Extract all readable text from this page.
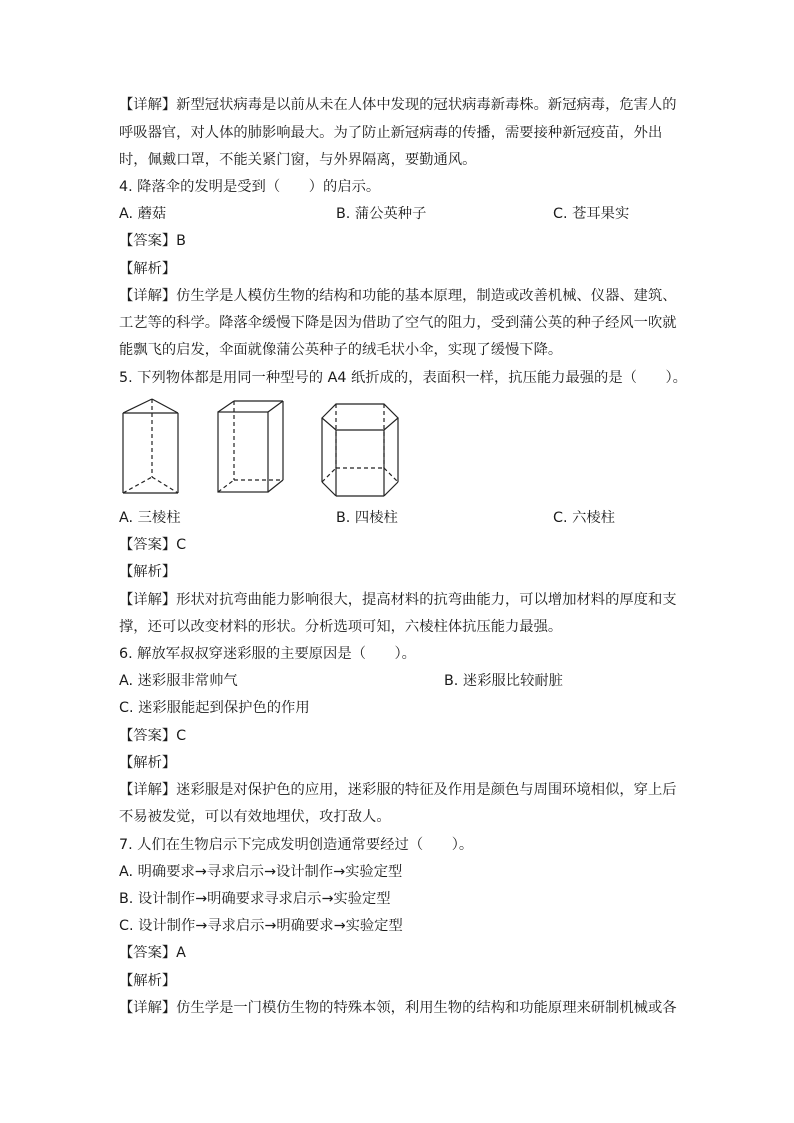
【详解】新型冠状病毒是以前从未在人体中发现的冠状病毒新毒株。新冠病毒，危害人的
呼吸器官，对人体的肺影响最大。为了防止新冠病毒的传播，需要接种新冠疫苗，外出
时，佩戴口罩，不能关紧门窗，与外界隔离，要勤通风。
4. 降落伞的发明是受到（　　）的启示。
A. 蘑菇	B. 蒲公英种子	C. 苍耳果实
【答案】B
【解析】
【详解】仿生学是人模仿生物的结构和功能的基本原理，制造或改善机械、仪器、建筑、
工艺等的科学。降落伞缓慢下降是因为借助了空气的阻力，受到蒲公英的种子经风一吹就
能飘飞的启发，伞面就像蒲公英种子的绒毛状小伞，实现了缓慢下降。
5. 下列物体都是用同一种型号的 A4 纸折成的，表面积一样，抗压能力最强的是（　　）。
A. 三棱柱	B. 四棱柱	C. 六棱柱
【答案】C
【解析】
【详解】形状对抗弯曲能力影响很大，提高材料的抗弯曲能力，可以增加材料的厚度和支
撑，还可以改变材料的形状。分析选项可知，六棱柱体抗压能力最强。
6. 解放军叔叔穿迷彩服的主要原因是（　　）。
A. 迷彩服非常帅气	B. 迷彩服比较耐脏
C. 迷彩服能起到保护色的作用
【答案】C
【解析】
【详解】迷彩服是对保护色的应用，迷彩服的特征及作用是颜色与周围环境相似，穿上后
不易被发觉，可以有效地埋伏，攻打敌人。
7. 人们在生物启示下完成发明创造通常要经过（　　）。
A. 明确要求→寻求启示→设计制作→实验定型
B. 设计制作→明确要求寻求启示→实验定型
C. 设计制作→寻求启示→明确要求→实验定型
【答案】A
【解析】
【详解】仿生学是一门模仿生物的特殊本领，利用生物的结构和功能原理来研制机械或各
